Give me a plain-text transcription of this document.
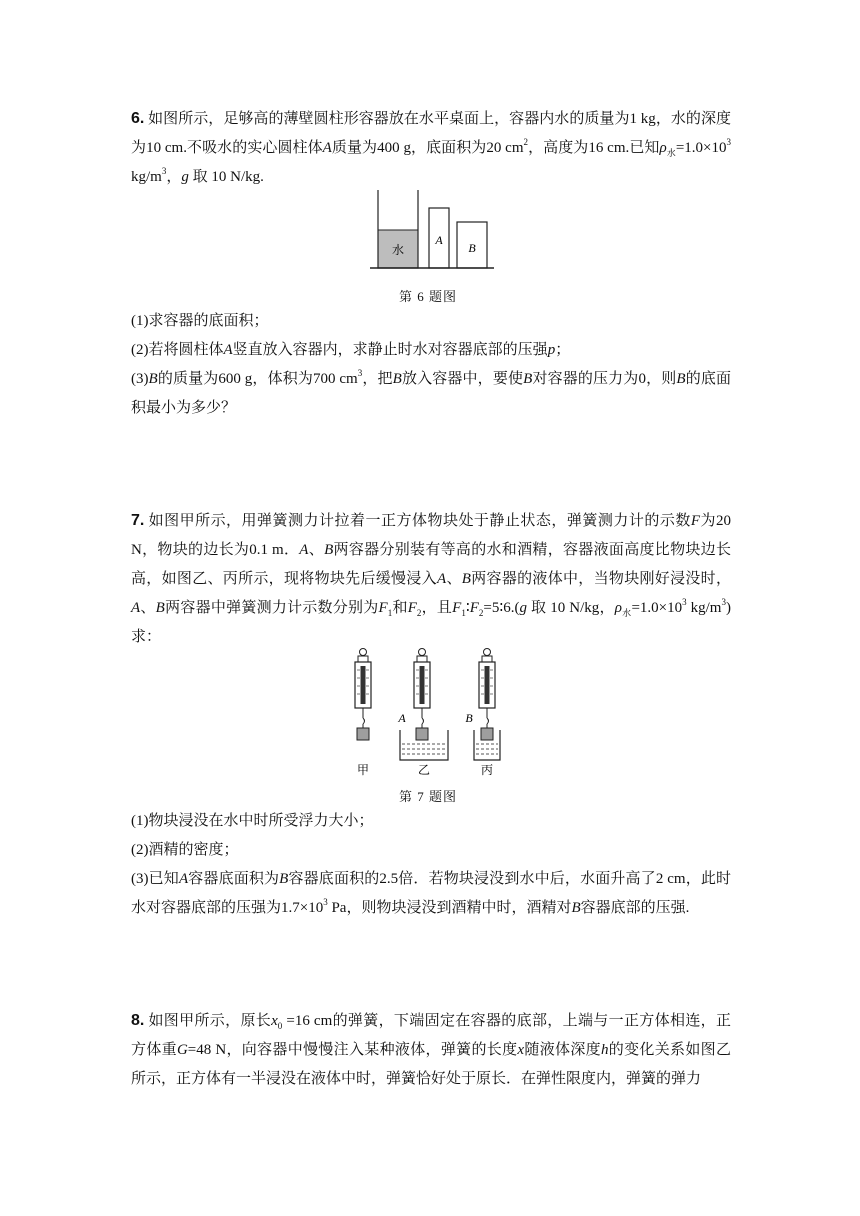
6. 如图所示，足够高的薄壁圆柱形容器放在水平桌面上，容器内水的质量为1 kg，水的深度为10 cm.不吸水的实心圆柱体A质量为400 g，底面积为20 $cm^2$，高度为16 cm.已知$\rho_水=1.0\times 10^3$ $kg/m^3$，g 取 10 N/kg.

水
A
B
第 6 题图

(1)求容器的底面积；

(2)若将圆柱体A竖直放入容器内，求静止时水对容器底部的压强p；

(3)B的质量为600 g，体积为700 $cm^3$，把B放入容器中，要使B对容器的压力为0，则B的底面积最小为多少？

7. 如图甲所示，用弹簧测力计拉着一正方体物块处于静止状态，弹簧测力计的示数F为20 N，物块的边长为0.1 m．A、B两容器分别装有等高的水和酒精，容器液面高度比物块边长高，如图乙、丙所示，现将物块先后缓慢浸入A、B两容器的液体中，当物块刚好浸没时，A、B两容器中弹簧测力计示数分别为$F_1$和$F_2$，且$F_1∶F_2=5∶6.(g$ 取 10 N/kg，$\rho_水=1.0\times 10^3$ $kg/m^3$)求：

A	B
甲	乙	丙
第 7 题图

(1)物块浸没在水中时所受浮力大小；

(2)酒精的密度；

(3)已知A容器底面积为B容器底面积的2.5倍．若物块浸没到水中后，水面升高了2 cm，此时水对容器底部的压强为$1.7\times 10^3$ Pa，则物块浸没到酒精中时，酒精对B容器底部的压强.

8. 如图甲所示，原长$x_0 =16$ cm的弹簧，下端固定在容器的底部，上端与一正方体相连，正方体重G=48 N，向容器中慢慢注入某种液体，弹簧的长度x随液体深度h的变化关系如图乙所示，正方体有一半浸没在液体中时，弹簧恰好处于原长．在弹性限度内，弹簧的弹力
